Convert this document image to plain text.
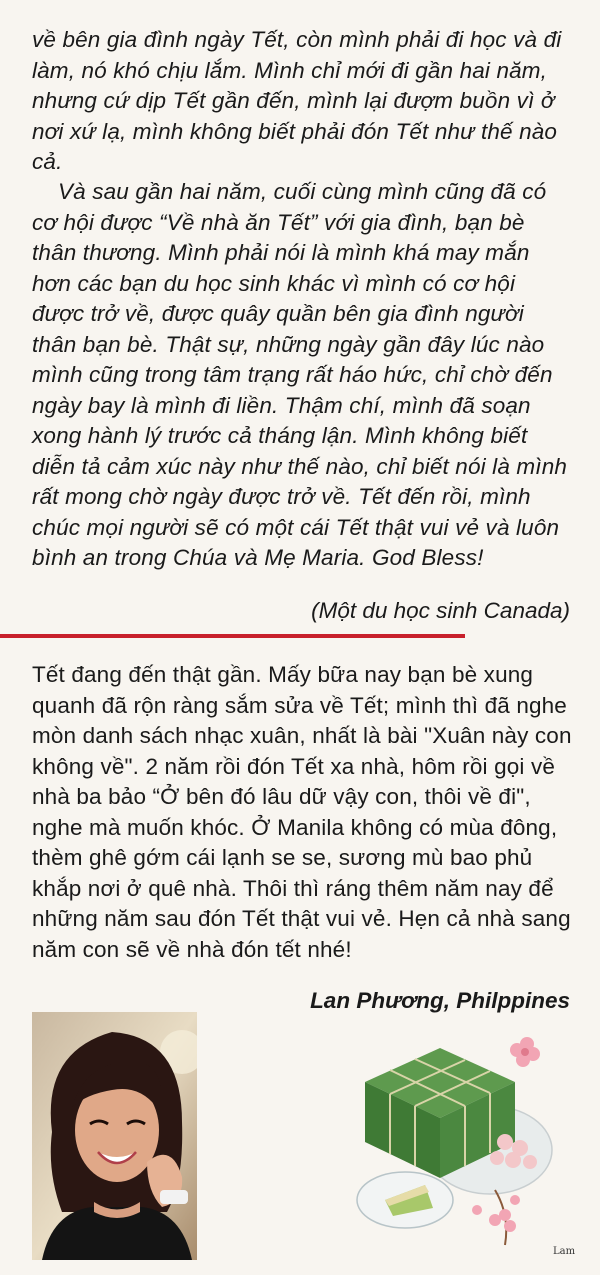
về bên gia đình ngày Tết, còn mình phải đi học và đi làm, nó khó chịu lắm. Mình chỉ mới đi gần hai năm, nhưng cứ dịp Tết gần đến, mình lại đượm buồn vì ở nơi xứ lạ, mình không biết phải đón Tết như thế nào cả.

Và sau gần hai năm, cuối cùng mình cũng đã có cơ hội được “Về nhà ăn Tết” với gia đình, bạn bè thân thương. Mình phải nói là mình khá may mắn hơn các bạn du học sinh khác vì mình có cơ hội được trở về, được quây quần bên gia đình người thân bạn bè. Thật sự, những ngày gần đây lúc nào mình cũng trong tâm trạng rất háo hức, chỉ chờ đến ngày bay là mình đi liền. Thậm chí, mình đã soạn xong hành lý trước cả tháng lận. Mình không biết diễn tả cảm xúc này như thế nào, chỉ biết nói là mình rất mong chờ ngày được trở về. Tết đến rồi, mình chúc mọi người sẽ có một cái Tết thật vui vẻ và luôn bình an trong Chúa và Mẹ Maria. God Bless!

(Một du học sinh Canada)

Tết đang đến thật gần. Mấy bữa nay bạn bè xung quanh đã rộn ràng sắm sửa về Tết; mình thì đã nghe mòn danh sách nhạc xuân, nhất là bài "Xuân này con không về". 2 năm rồi đón Tết xa nhà, hôm rồi gọi về nhà ba bảo “Ở bên đó lâu dữ vậy con, thôi về đi", nghe mà muốn khóc. Ở Manila không có mùa đông, thèm ghê gớm cái lạnh se se, sương mù bao phủ khắp nơi ở quê nhà. Thôi thì ráng thêm năm nay để những năm sau đón Tết thật vui vẻ. Hẹn cả nhà sang năm con sẽ về nhà đón tết nhé!

Lan Phương, Philppines

Lam
